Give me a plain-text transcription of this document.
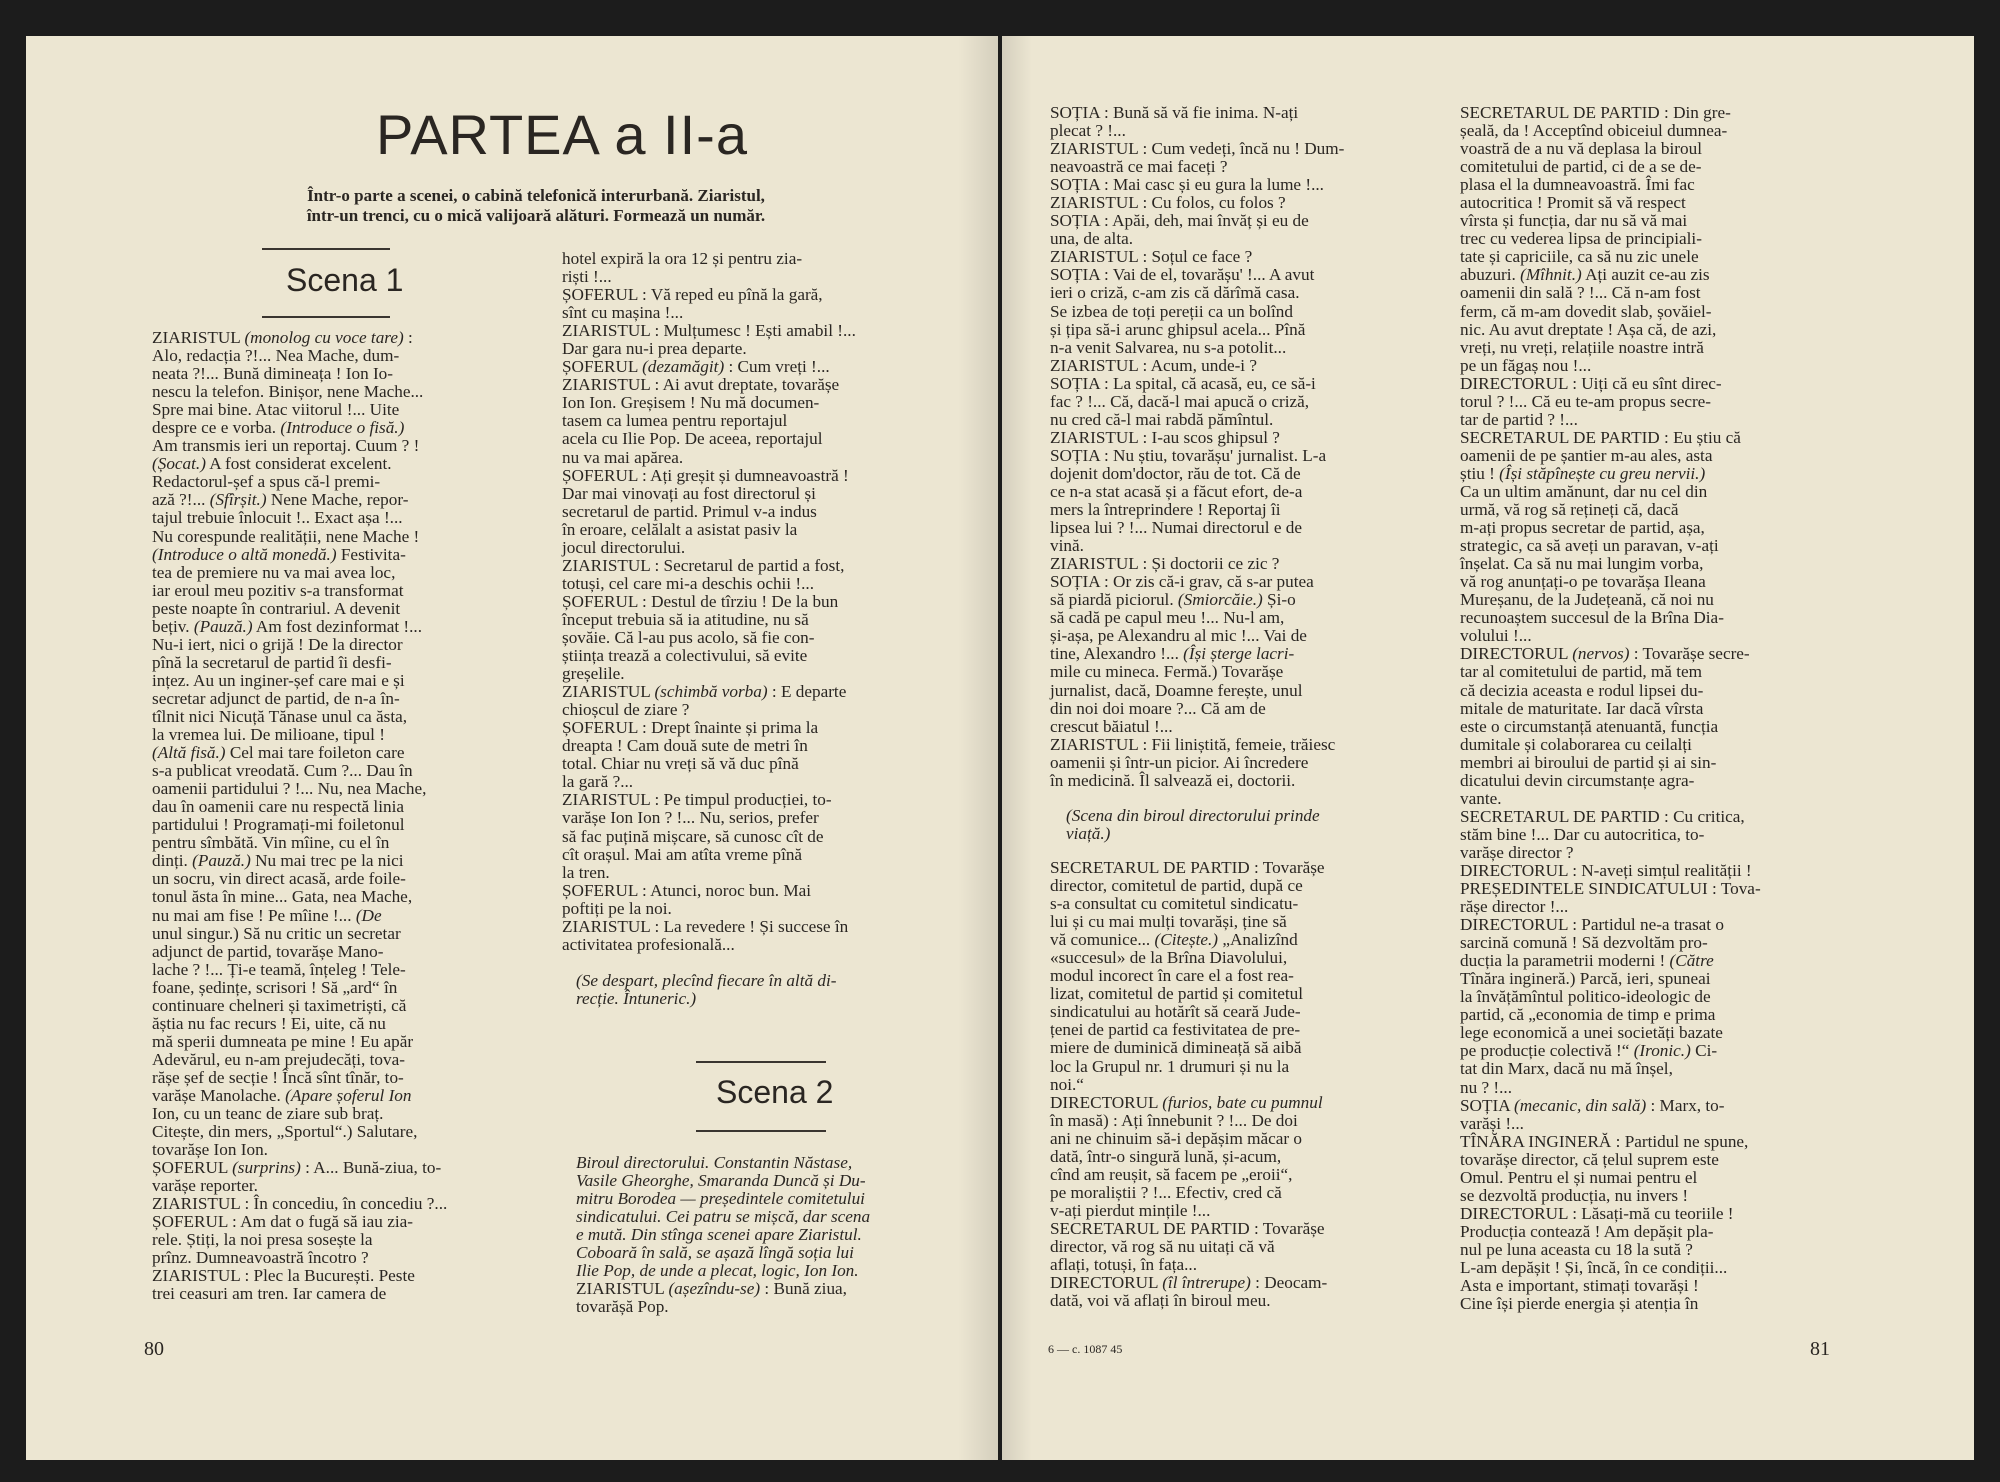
PARTEA a II-a
Într-o parte a scenei, o cabină telefonică interurbană. Ziaristul,
într-un trenci, cu o mică valijoară alături. Formează un număr.
Scena 1

ZIARISTUL (monolog cu voce tare) :

Alo, redacția ?!... Nea Mache, dum-

neata ?!... Bună dimineața ! Ion Io-

nescu la telefon. Binișor, nene Mache...

Spre mai bine. Atac viitorul !... Uite

despre ce e vorba. (Introduce o fisă.)

Am transmis ieri un reportaj. Cuum ? !

(Șocat.) A fost considerat excelent.

Redactorul-șef a spus că-l premi-

ază ?!... (Sfîrșit.) Nene Mache, repor-

tajul trebuie înlocuit !.. Exact așa !...

Nu corespunde realității, nene Mache !

(Introduce o altă monedă.) Festivita-

tea de premiere nu va mai avea loc,

iar eroul meu pozitiv s-a transformat

peste noapte în contrariul. A devenit

bețiv. (Pauză.) Am fost dezinformat !...

Nu-i iert, nici o grijă ! De la director

pînă la secretarul de partid îi desfi-

ințez. Au un inginer-șef care mai e și

secretar adjunct de partid, de n-a în-

tîlnit nici Nicuță Tănase unul ca ăsta,

la vremea lui. De milioane, tipul !

(Altă fisă.) Cel mai tare foileton care

s-a publicat vreodată. Cum ?... Dau în

oamenii partidului ? !... Nu, nea Mache,

dau în oamenii care nu respectă linia

partidului ! Programați-mi foiletonul

pentru sîmbătă. Vin mîine, cu el în

dinți. (Pauză.) Nu mai trec pe la nici

un socru, vin direct acasă, arde foile-

tonul ăsta în mine... Gata, nea Mache,

nu mai am fise ! Pe mîine !... (De

unul singur.) Să nu critic un secretar

adjunct de partid, tovarășe Mano-

lache ? !... Ți-e teamă, înțeleg ! Tele-

foane, ședințe, scrisori ! Să „ard“ în

continuare chelneri și taximetriști, că

ăștia nu fac recurs ! Ei, uite, că nu

mă sperii dumneata pe mine ! Eu apăr

Adevărul, eu n-am prejudecăți, tova-

rășe șef de secție ! Încă sînt tînăr, to-

varășe Manolache. (Apare șoferul Ion

Ion, cu un teanc de ziare sub braț.

Citește, din mers, „Sportul“.) Salutare,

tovarășe Ion Ion.

ȘOFERUL (surprins) : A... Bună-ziua, to-

varășe reporter.

ZIARISTUL : În concediu, în concediu ?...

ȘOFERUL : Am dat o fugă să iau zia-

rele. Știți, la noi presa sosește la

prînz. Dumneavoastră încotro ?

ZIARISTUL : Plec la București. Peste

trei ceasuri am tren. Iar camera de

hotel expiră la ora 12 și pentru zia-

riști !...

ȘOFERUL : Vă reped eu pînă la gară,

sînt cu mașina !...

ZIARISTUL : Mulțumesc ! Ești amabil !...

Dar gara nu-i prea departe.

ȘOFERUL (dezamăgit) : Cum vreți !...

ZIARISTUL : Ai avut dreptate, tovarășe

Ion Ion. Greșisem ! Nu mă documen-

tasem ca lumea pentru reportajul

acela cu Ilie Pop. De aceea, reportajul

nu va mai apărea.

ȘOFERUL : Ați greșit și dumneavoastră !

Dar mai vinovați au fost directorul și

secretarul de partid. Primul v-a indus

în eroare, celălalt a asistat pasiv la

jocul directorului.

ZIARISTUL : Secretarul de partid a fost,

totuși, cel care mi-a deschis ochii !...

ȘOFERUL : Destul de tîrziu ! De la bun

început trebuia să ia atitudine, nu să

șovăie. Că l-au pus acolo, să fie con-

știința trează a colectivului, să evite

greșelile.

ZIARISTUL (schimbă vorba) : E departe

chioșcul de ziare ?

ȘOFERUL : Drept înainte și prima la

dreapta ! Cam două sute de metri în

total. Chiar nu vreți să vă duc pînă

la gară ?...

ZIARISTUL : Pe timpul producției, to-

varășe Ion Ion ? !... Nu, serios, prefer

să fac puțină mișcare, să cunosc cît de

cît orașul. Mai am atîta vreme pînă

la tren.

ȘOFERUL : Atunci, noroc bun. Mai

poftiți pe la noi.

ZIARISTUL : La revedere ! Și succese în

activitatea profesională...

(Se despart, plecînd fiecare în altă di-

recție. Întuneric.)

Scena 2

Biroul directorului. Constantin Năstase,

Vasile Gheorghe, Smaranda Duncă și Du-

mitru Borodea — președintele comitetului

sindicatului. Cei patru se mișcă, dar scena

e mută. Din stînga scenei apare Ziaristul.

Coboară în sală, se așază lîngă soția lui

Ilie Pop, de unde a plecat, logic, Ion Ion.

ZIARISTUL (așezîndu-se) : Bună ziua,

tovarășă Pop.

80

SOȚIA : Bună să vă fie inima. N-ați

plecat ? !...

ZIARISTUL : Cum vedeți, încă nu ! Dum-

neavoastră ce mai faceți ?

SOȚIA : Mai casc și eu gura la lume !...

ZIARISTUL : Cu folos, cu folos ?

SOȚIA : Apăi, deh, mai învăț și eu de

una, de alta.

ZIARISTUL : Soțul ce face ?

SOȚIA : Vai de el, tovarășu' !... A avut

ieri o criză, c-am zis că dărîmă casa.

Se izbea de toți pereții ca un bolînd

și țipa să-i arunc ghipsul acela... Pînă

n-a venit Salvarea, nu s-a potolit...

ZIARISTUL : Acum, unde-i ?

SOȚIA : La spital, că acasă, eu, ce să-i

fac ? !... Că, dacă-l mai apucă o criză,

nu cred că-l mai rabdă pămîntul.

ZIARISTUL : I-au scos ghipsul ?

SOȚIA : Nu știu, tovarășu' jurnalist. L-a

dojenit dom'doctor, rău de tot. Că de

ce n-a stat acasă și a făcut efort, de-a

mers la întreprindere ! Reportaj îi

lipsea lui ? !... Numai directorul e de

vină.

ZIARISTUL : Și doctorii ce zic ?

SOȚIA : Or zis că-i grav, că s-ar putea

să piardă piciorul. (Smiorcăie.) Și-o

să cadă pe capul meu !... Nu-l am,

și-așa, pe Alexandru al mic !... Vai de

tine, Alexandro !... (Își șterge lacri-

mile cu mineca. Fermă.) Tovarășe

jurnalist, dacă, Doamne ferește, unul

din noi doi moare ?... Că am de

crescut băiatul !...

ZIARISTUL : Fii liniștită, femeie, trăiesc

oamenii și într-un picior. Ai încredere

în medicină. Îl salvează ei, doctorii.

(Scena din biroul directorului prinde

viață.)

SECRETARUL DE PARTID : Tovarășe

director, comitetul de partid, după ce

s-a consultat cu comitetul sindicatu-

lui și cu mai mulți tovarăși, ține să

vă comunice... (Citește.) „Analizînd

«succesul» de la Brîna Diavolului,

modul incorect în care el a fost rea-

lizat, comitetul de partid și comitetul

sindicatului au hotărît să ceară Jude-

țenei de partid ca festivitatea de pre-

miere de duminică dimineață să aibă

loc la Grupul nr. 1 drumuri și nu la

noi.“

DIRECTORUL (furios, bate cu pumnul

în masă) : Ați înnebunit ? !... De doi

ani ne chinuim să-i depășim măcar o

dată, într-o singură lună, și-acum,

cînd am reușit, să facem pe „eroii“,

pe moraliștii ? !... Efectiv, cred că

v-ați pierdut mințile !...

SECRETARUL DE PARTID : Tovarășe

director, vă rog să nu uitați că vă

aflați, totuși, în fața...

DIRECTORUL (îl întrerupe) : Deocam-

dată, voi vă aflați în biroul meu.

SECRETARUL DE PARTID : Din gre-

șeală, da ! Acceptînd obiceiul dumnea-

voastră de a nu vă deplasa la biroul

comitetului de partid, ci de a se de-

plasa el la dumneavoastră. Îmi fac

autocritica ! Promit să vă respect

vîrsta și funcția, dar nu să vă mai

trec cu vederea lipsa de principiali-

tate și capriciile, ca să nu zic unele

abuzuri. (Mîhnit.) Ați auzit ce-au zis

oamenii din sală ? !... Că n-am fost

ferm, că m-am dovedit slab, șovăiel-

nic. Au avut dreptate ! Așa că, de azi,

vreți, nu vreți, relațiile noastre intră

pe un făgaș nou !...

DIRECTORUL : Uiți că eu sînt direc-

torul ? !... Că eu te-am propus secre-

tar de partid ? !...

SECRETARUL DE PARTID : Eu știu că

oamenii de pe șantier m-au ales, asta

știu ! (Își stăpînește cu greu nervii.)

Ca un ultim amănunt, dar nu cel din

urmă, vă rog să rețineți că, dacă

m-ați propus secretar de partid, așa,

strategic, ca să aveți un paravan, v-ați

înșelat. Ca să nu mai lungim vorba,

vă rog anunțați-o pe tovarășa Ileana

Mureșanu, de la Județeană, că noi nu

recunoaștem succesul de la Brîna Dia-

volului !...

DIRECTORUL (nervos) : Tovarășe secre-

tar al comitetului de partid, mă tem

că decizia aceasta e rodul lipsei du-

mitale de maturitate. Iar dacă vîrsta

este o circumstanță atenuantă, funcția

dumitale și colaborarea cu ceilalți

membri ai biroului de partid și ai sin-

dicatului devin circumstanțe agra-

vante.

SECRETARUL DE PARTID : Cu critica,

stăm bine !... Dar cu autocritica, to-

varășe director ?

DIRECTORUL : N-aveți simțul realității !

PREȘEDINTELE SINDICATULUI : Tova-

rășe director !...

DIRECTORUL : Partidul ne-a trasat o

sarcină comună ! Să dezvoltăm pro-

ducția la parametrii moderni ! (Către

Tînăra ingineră.) Parcă, ieri, spuneai

la învățămîntul politico-ideologic de

partid, că „economia de timp e prima

lege economică a unei societăți bazate

pe producție colectivă !“ (Ironic.) Ci-

tat din Marx, dacă nu mă înșel,

nu ? !...

SOȚIA (mecanic, din sală) : Marx, to-

varăși !...

TÎNĂRA INGINERĂ : Partidul ne spune,

tovarășe director, că țelul suprem este

Omul. Pentru el și numai pentru el

se dezvoltă producția, nu invers !

DIRECTORUL : Lăsați-mă cu teoriile !

Producția contează ! Am depășit pla-

nul pe luna aceasta cu 18 la sută ?

L-am depășit ! Și, încă, în ce condiții...

Asta e important, stimați tovarăși !

Cine își pierde energia și atenția în

6 — c. 1087 45	81
